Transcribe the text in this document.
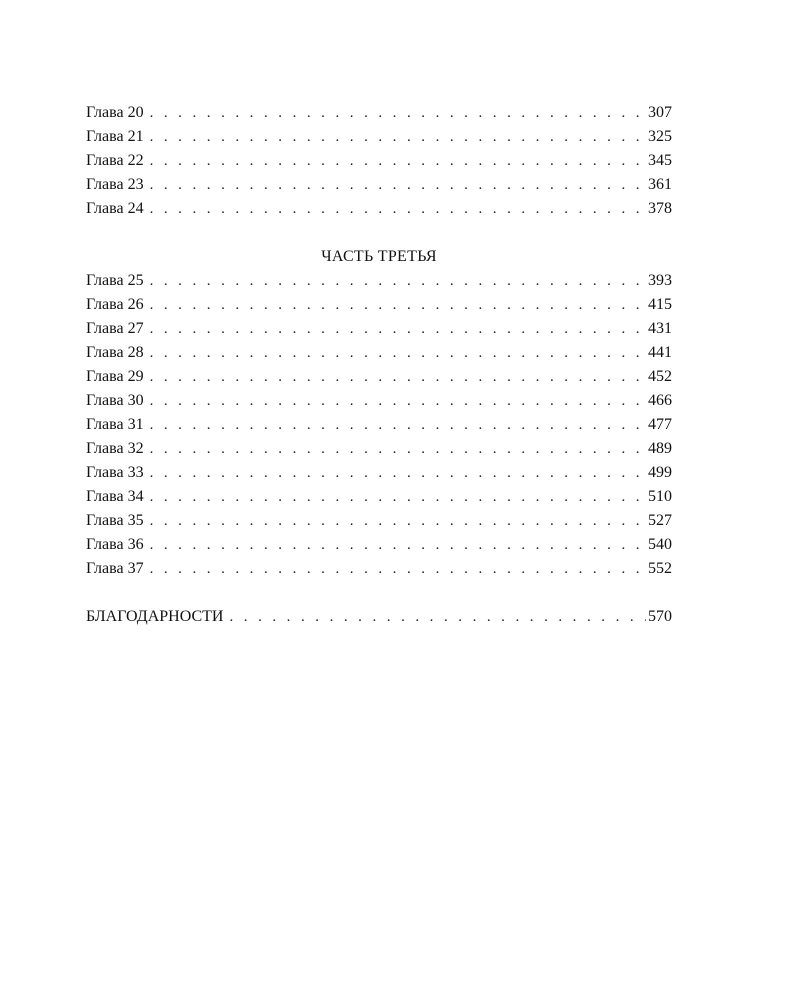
Глава 20 . . .	307
Глава 21 . . .	325
Глава 22 . . .	345
Глава 23 . . .	361
Глава 24 . . .	378
ЧАСТЬ ТРЕТЬЯ
Глава 25 . . .	393
Глава 26 . . .	415
Глава 27 . . .	431
Глава 28 . . .	441
Глава 29 . . .	452
Глава 30 . . .	466
Глава 31 . . .	477
Глава 32 . . .	489
Глава 33 . . .	499
Глава 34 . . .	510
Глава 35 . . .	527
Глава 36 . . .	540
Глава 37 . . .	552
БЛАГОДАРНОСТИ . . .	570
